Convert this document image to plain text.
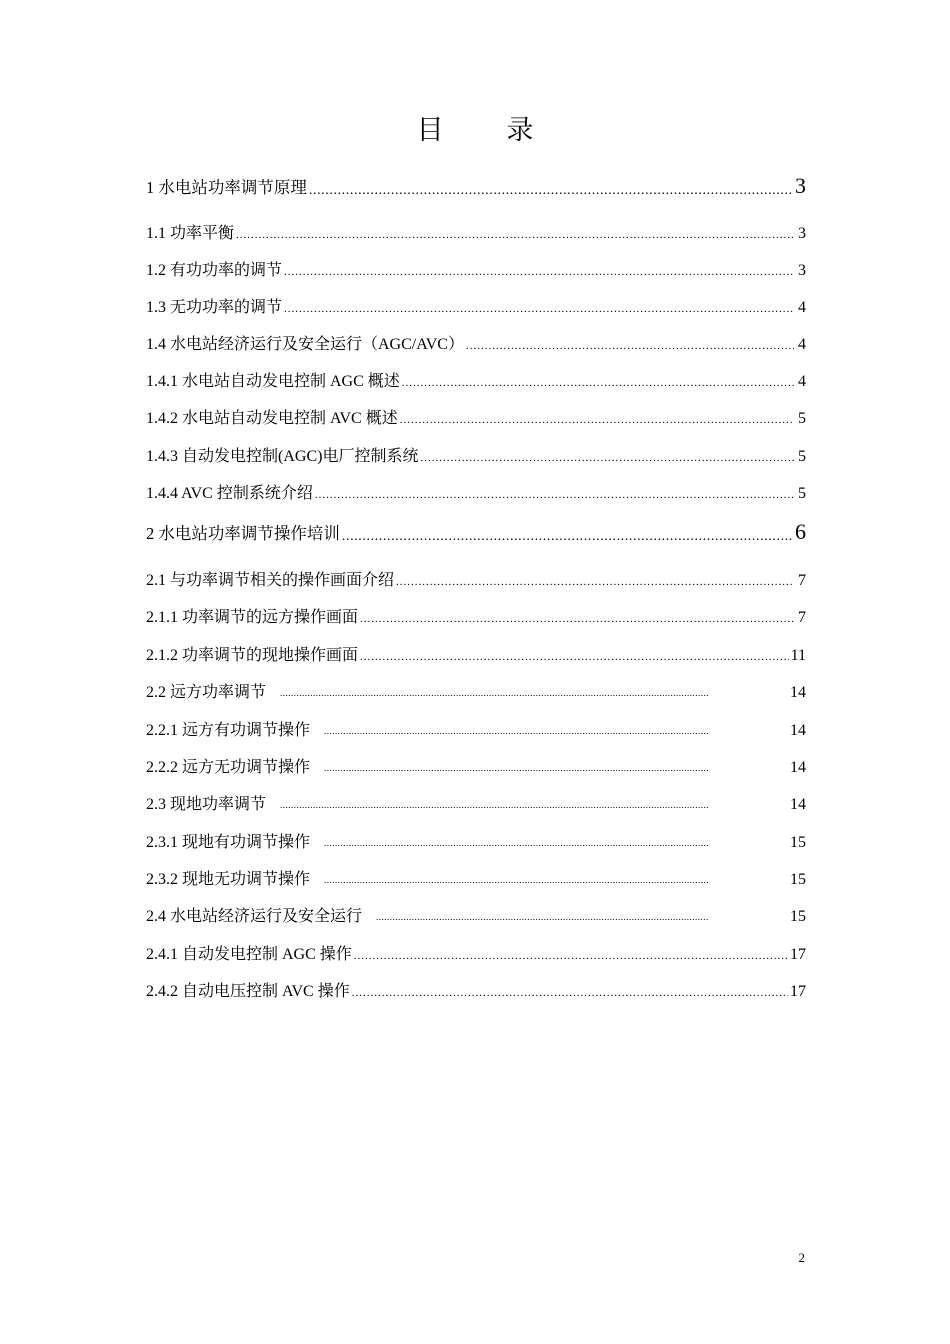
目 录
1 水电站功率调节原理 .....	3
1.1 功率平衡 .....	3
1.2 有功功率的调节 .....	3
1.3 无功功率的调节 .....	4
1.4 水电站经济运行及安全运行（AGC/AVC） .....	4
1.4.1 水电站自动发电控制 AGC 概述 .....	4
1.4.2 水电站自动发电控制 AVC 概述 .....	5
1.4.3 自动发电控制(AGC)电厂控制系统 .....	5
1.4.4 AVC 控制系统介绍 .....	5
2 水电站功率调节操作培训 .....	6
2.1 与功率调节相关的操作画面介绍 .....	7
2.1.1 功率调节的远方操作画面 .....	7
2.1.2 功率调节的现地操作画面 .....	11
2.2 远方功率调节 .....	14
2.2.1 远方有功调节操作 .....	14
2.2.2 远方无功调节操作 .....	14
2.3 现地功率调节 .....	14
2.3.1 现地有功调节操作 .....	15
2.3.2 现地无功调节操作 .....	15
2.4 水电站经济运行及安全运行 .....	15
2.4.1 自动发电控制 AGC 操作 .....	17
2.4.2 自动电压控制 AVC 操作 .....	17
2
